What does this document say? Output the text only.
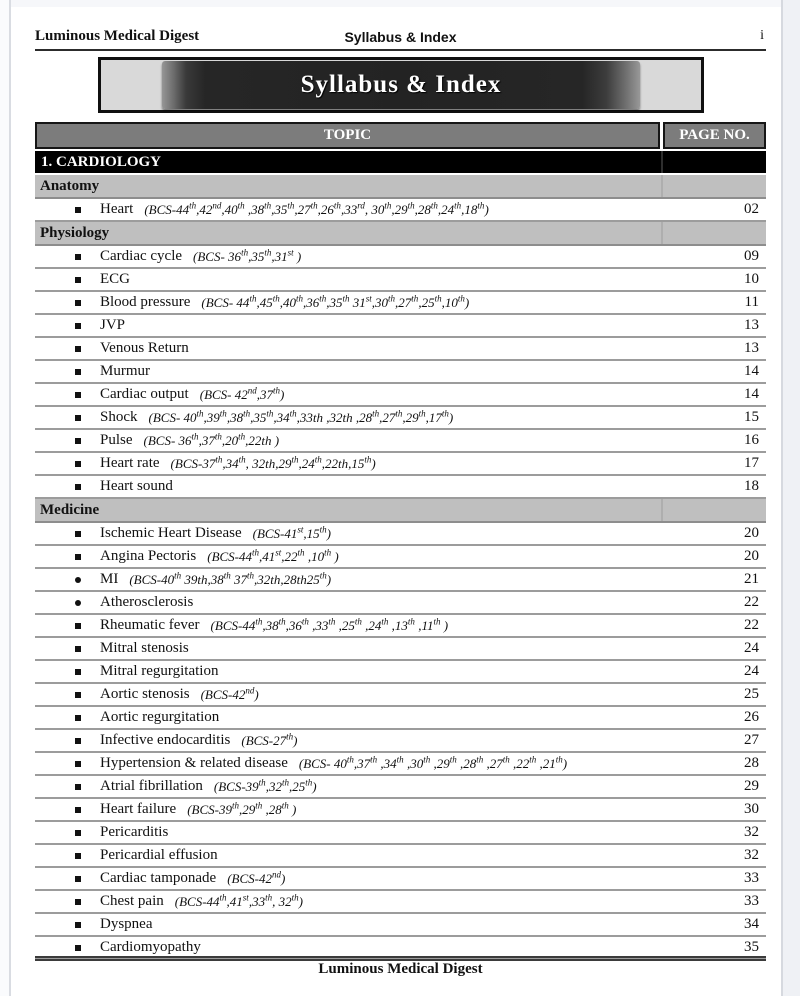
Luminous Medical Digest	Syllabus & Index	i
Syllabus & Index
TOPIC	PAGE NO.
1. CARDIOLOGY
Anatomy
Heart (BCS-44th,42nd,40th ,38th,35th,27th,26th,33rd, 30th,29th,28th,24th,18th)	02
Physiology
Cardiac cycle (BCS- 36th,35th,31st )	09
ECG	10
Blood pressure (BCS- 44th,45th,40th,36th,35th 31st,30th,27th,25th,10th)	11
JVP	13
Venous Return	13
Murmur	14
Cardiac output (BCS- 42nd,37th)	14
Shock (BCS- 40th,39th,38th,35th,34th,33th ,32th ,28th,27th,29th,17th)	15
Pulse (BCS- 36th,37th,20th,22th )	16
Heart rate (BCS-37th,34th, 32th,29th,24th,22th,15th)	17
Heart sound	18
Medicine
Ischemic Heart Disease (BCS-41st,15th)	20
Angina Pectoris (BCS-44th,41st,22th ,10th )	20
MI (BCS-40th 39th,38th 37th,32th,28th25th)	21
Atherosclerosis	22
Rheumatic fever (BCS-44th,38th,36th ,33th ,25th ,24th ,13th ,11th )	22
Mitral stenosis	24
Mitral regurgitation	24
Aortic stenosis (BCS-42nd)	25
Aortic regurgitation	26
Infective endocarditis (BCS-27th)	27
Hypertension & related disease (BCS- 40th,37th ,34th ,30th ,29th ,28th ,27th ,22th ,21th)	28
Atrial fibrillation (BCS-39th,32th,25th)	29
Heart failure (BCS-39th,29th ,28th )	30
Pericarditis	32
Pericardial effusion	32
Cardiac tamponade (BCS-42nd)	33
Chest pain (BCS-44th,41st,33th, 32th)	33
Dyspnea	34
Cardiomyopathy	35
Luminous Medical Digest
